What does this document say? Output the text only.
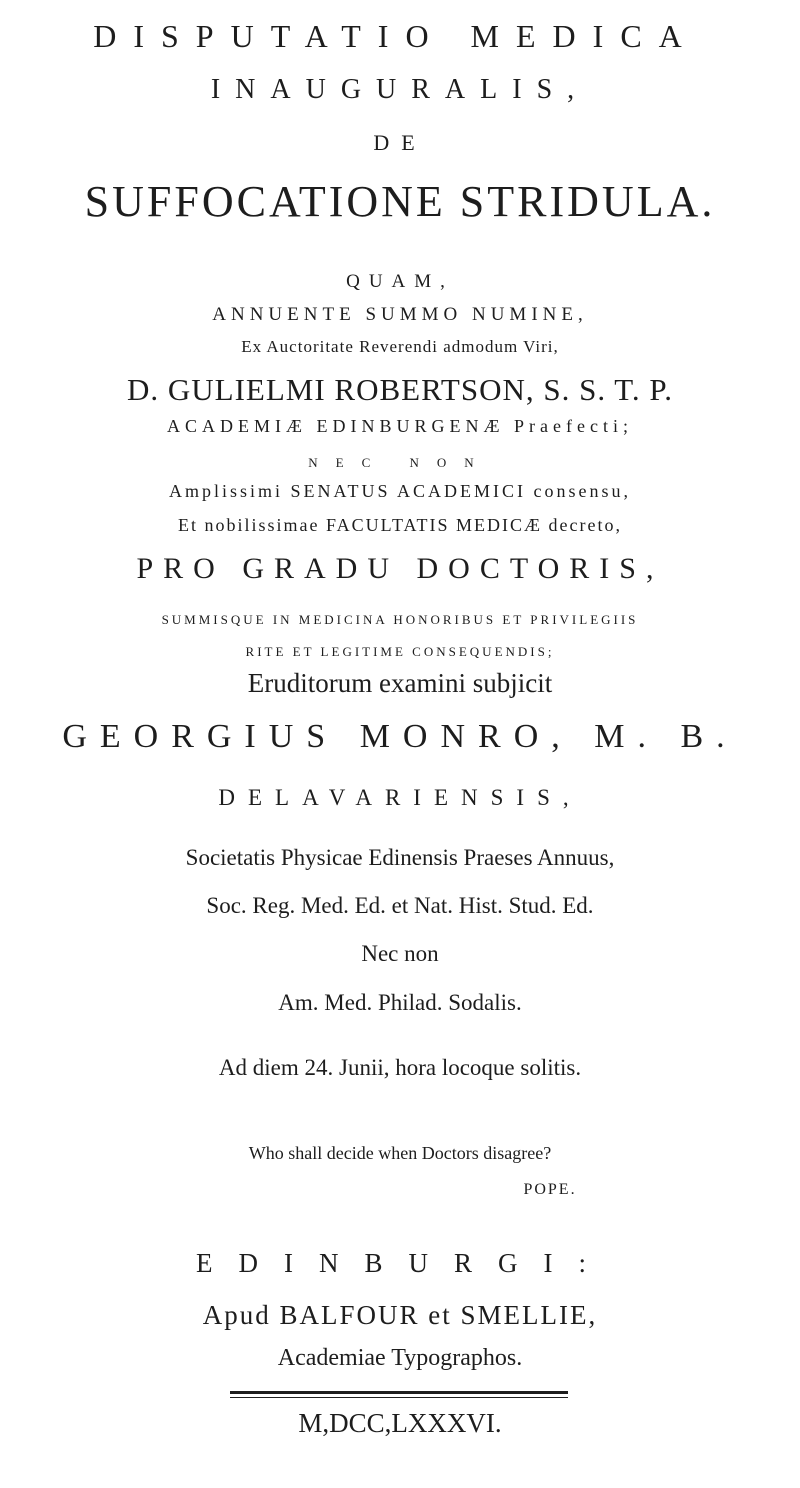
DISPUTATIO MEDICA
INAUGURALIS,
DE
SUFFOCATIONE STRIDULA.
QUAM,
ANNUENTE SUMMO NUMINE,
Ex Auctoritate Reverendi admodum Viri,
D. GULIELMI ROBERTSON, S. S. T. P.
ACADEMIÆ EDINBURGENÆ Praefecti;
NEC NON
Amplissimi SENATUS ACADEMICI consensu,
Et nobilissimae FACULTATIS MEDICÆ decreto,
PRO GRADU DOCTORIS,
SUMMISQUE IN MEDICINA HONORIBUS ET PRIVILEGIIS
RITE ET LEGITIME CONSEQUENDIS;
Eruditorum examini subjicit
GEORGIUS MONRO, M. B.
DELAVARIENSIS,
Societatis Physicae Edinensis Praeses Annuus,
Soc. Reg. Med. Ed. et Nat. Hist. Stud. Ed.
Nec non
Am. Med. Philad. Sodalis.
Ad diem 24. Junii, hora locoque solitis.
Who shall decide when Doctors disagree?
POPE.
EDINBURGI:
Apud BALFOUR et SMELLIE,
Academiae Typographos.
M,DCC,LXXXVI.
